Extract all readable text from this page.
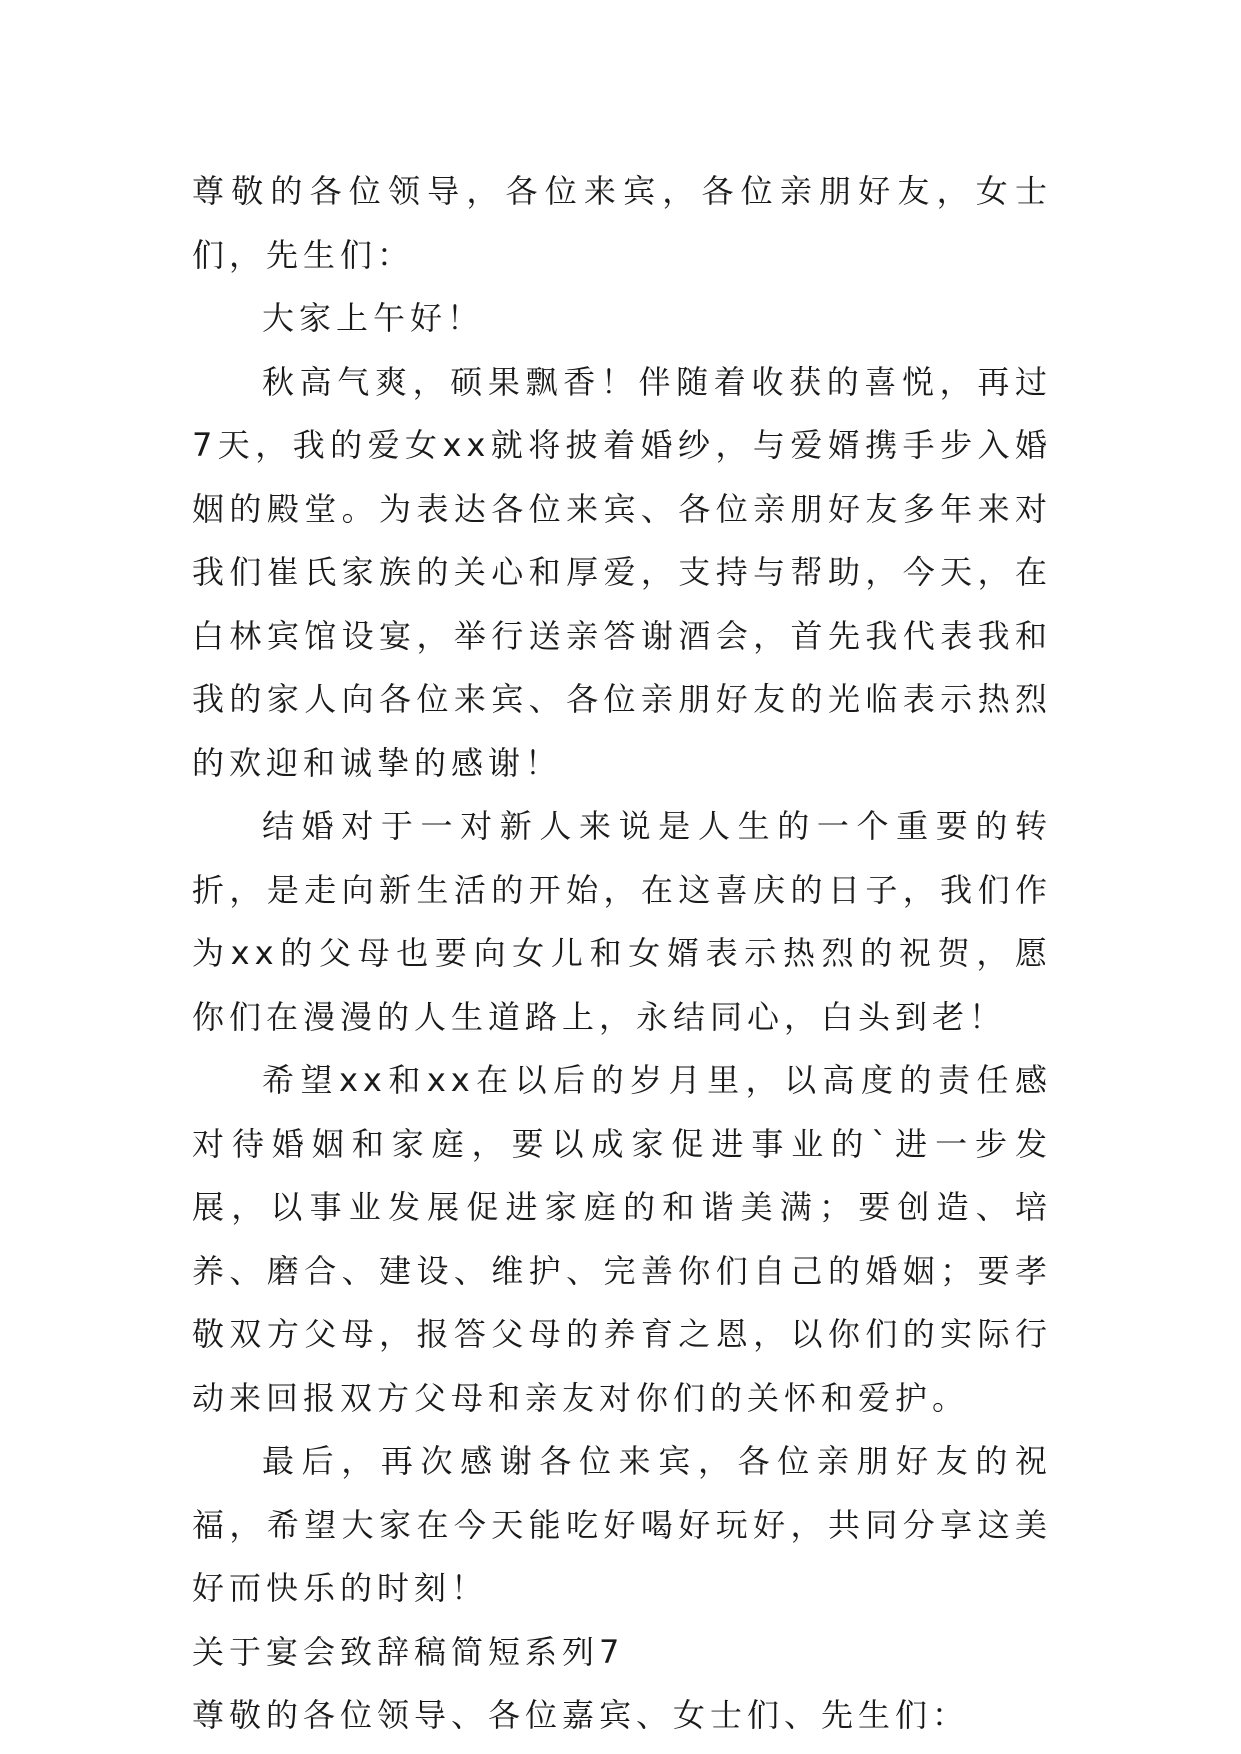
尊敬的各位领导，各位来宾，各位亲朋好友，女士们，先生们：

大家上午好！

秋高气爽，硕果飘香！伴随着收获的喜悦，再过7天，我的爱女xx就将披着婚纱，与爱婿携手步入婚姻的殿堂。为表达各位来宾、各位亲朋好友多年来对我们崔氏家族的关心和厚爱，支持与帮助，今天，在白林宾馆设宴，举行送亲答谢酒会，首先我代表我和我的家人向各位来宾、各位亲朋好友的光临表示热烈的欢迎和诚挚的感谢！

结婚对于一对新人来说是人生的一个重要的转折，是走向新生活的开始，在这喜庆的日子，我们作为xx的父母也要向女儿和女婿表示热烈的祝贺，愿你们在漫漫的人生道路上，永结同心，白头到老！

希望xx和xx在以后的岁月里，以高度的责任感对待婚姻和家庭，要以成家促进事业的`进一步发展，以事业发展促进家庭的和谐美满；要创造、培养、磨合、建设、维护、完善你们自己的婚姻；要孝敬双方父母，报答父母的养育之恩，以你们的实际行动来回报双方父母和亲友对你们的关怀和爱护。

最后，再次感谢各位来宾，各位亲朋好友的祝福，希望大家在今天能吃好喝好玩好，共同分享这美好而快乐的时刻！

关于宴会致辞稿简短系列7

尊敬的各位领导、各位嘉宾、女士们、先生们：
